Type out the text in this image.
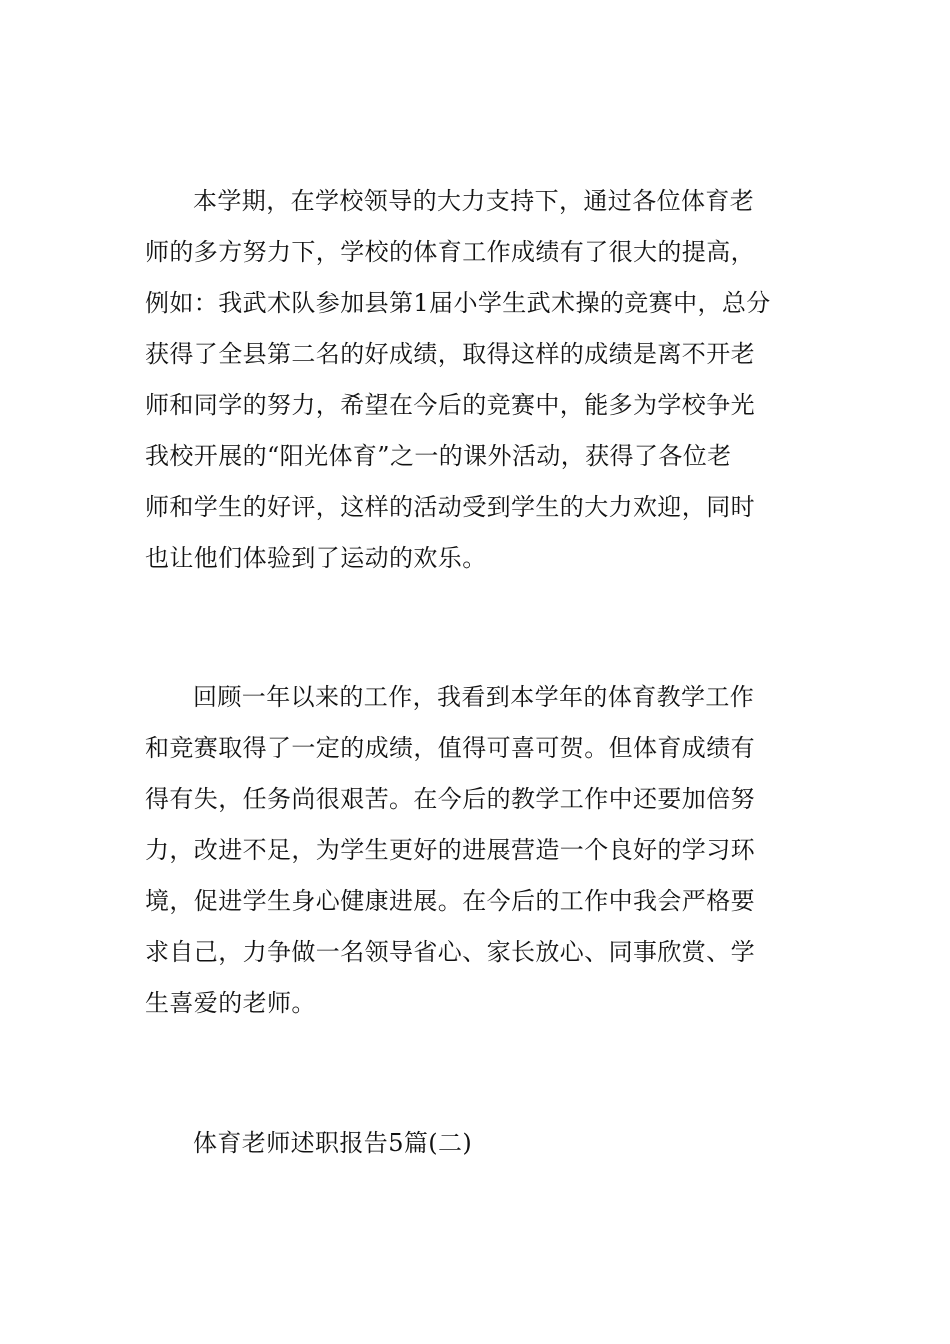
本学期，在学校领导的大力支持下，通过各位体育老
师的多方努力下，学校的体育工作成绩有了很大的提高，
例如：我武术队参加县第1届小学生武术操的竞赛中，总分
获得了全县第二名的好成绩，取得这样的成绩是离不开老
师和同学的努力，希望在今后的竞赛中，能多为学校争光
我校开展的“阳光体育”之一的课外活动，获得了各位老
师和学生的好评，这样的活动受到学生的大力欢迎，同时
也让他们体验到了运动的欢乐。
回顾一年以来的工作，我看到本学年的体育教学工作
和竞赛取得了一定的成绩，值得可喜可贺。但体育成绩有
得有失，任务尚很艰苦。在今后的教学工作中还要加倍努
力，改进不足，为学生更好的进展营造一个良好的学习环
境，促进学生身心健康进展。在今后的工作中我会严格要
求自己，力争做一名领导省心、家长放心、同事欣赏、学
生喜爱的老师。
体育老师述职报告5篇(二)
